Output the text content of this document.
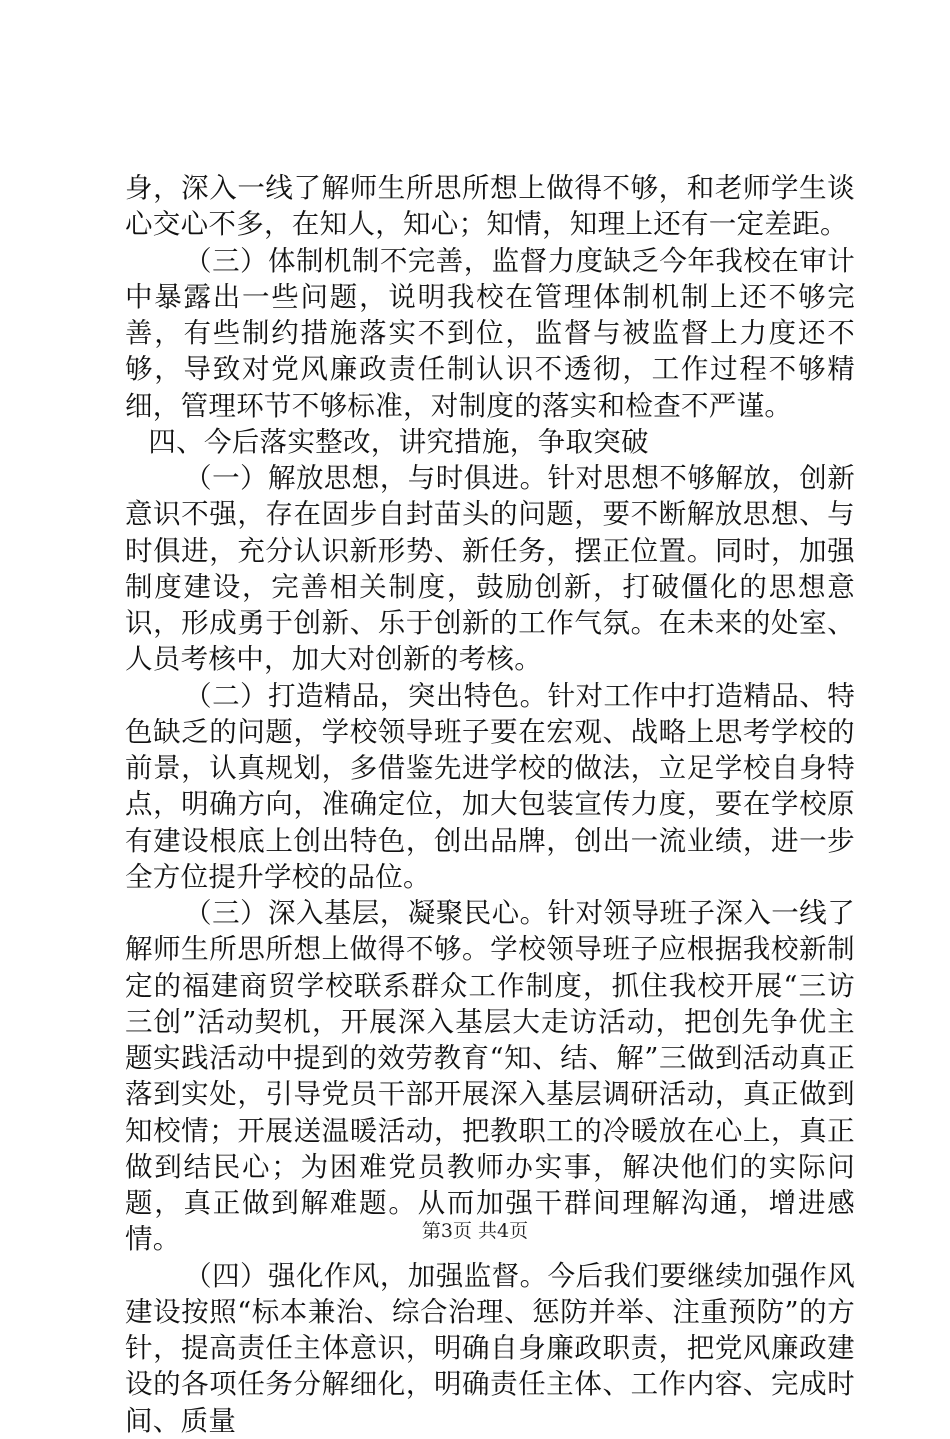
身，深入一线了解师生所思所想上做得不够，和老师学生谈心交心不多，在知人，知心；知情，知理上还有一定差距。

（三）体制机制不完善，监督力度缺乏今年我校在审计中暴露出一些问题，说明我校在管理体制机制上还不够完善，有些制约措施落实不到位，监督与被监督上力度还不够，导致对党风廉政责任制认识不透彻，工作过程不够精细，管理环节不够标准，对制度的落实和检查不严谨。

四、今后落实整改，讲究措施，争取突破

（一）解放思想，与时俱进。针对思想不够解放，创新意识不强，存在固步自封苗头的问题，要不断解放思想、与时俱进，充分认识新形势、新任务，摆正位置。同时，加强制度建设，完善相关制度，鼓励创新，打破僵化的思想意识，形成勇于创新、乐于创新的工作气氛。在未来的处室、人员考核中，加大对创新的考核。

（二）打造精品，突出特色。针对工作中打造精品、特色缺乏的问题，学校领导班子要在宏观、战略上思考学校的前景，认真规划，多借鉴先进学校的做法，立足学校自身特点，明确方向，准确定位，加大包装宣传力度，要在学校原有建设根底上创出特色，创出品牌，创出一流业绩，进一步全方位提升学校的品位。

（三）深入基层，凝聚民心。针对领导班子深入一线了解师生所思所想上做得不够。学校领导班子应根据我校新制定的福建商贸学校联系群众工作制度，抓住我校开展“三访三创”活动契机，开展深入基层大走访活动，把创先争优主题实践活动中提到的效劳教育“知、结、解”三做到活动真正落到实处，引导党员干部开展深入基层调研活动，真正做到知校情；开展送温暖活动，把教职工的冷暖放在心上，真正做到结民心；为困难党员教师办实事，解决他们的实际问题，真正做到解难题。从而加强干群间理解沟通，增进感情。

（四）强化作风，加强监督。今后我们要继续加强作风建设按照“标本兼治、综合治理、惩防并举、注重预防”的方针，提高责任主体意识，明确自身廉政职责，把党风廉政建设的各项任务分解细化，明确责任主体、工作内容、完成时间、质量

第3页 共4页
